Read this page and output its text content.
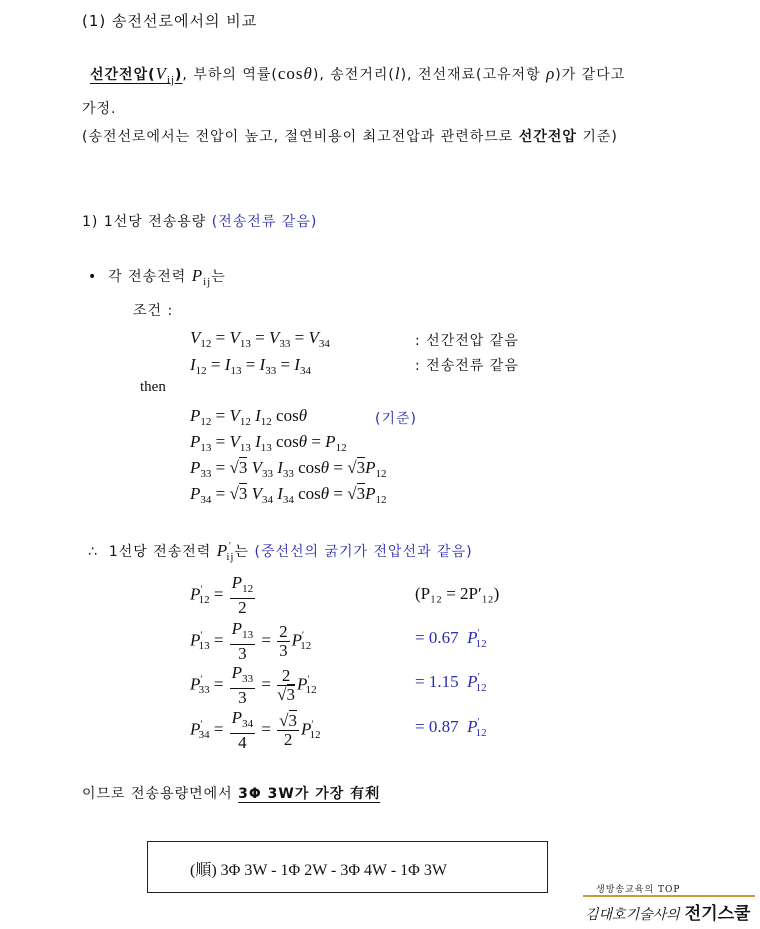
(1) 송전선로에서의 비교
선간전압$(V_{ij})$, 부하의 역률(cosθ), 송전거리(l), 전선재료(고유저항 ρ)가 같다고
가정.
(송전선로에서는 전압이 높고, 절연비용이 최고전압과 관련하므로 선간전압 기준)
1) 1선당 전송용량 (전송전류 같음)
• 각 전송전력 $P_{ij}$는
조건 :
$V_{12} = V_{13} = V_{33} = V_{34}$	: 선간전압 같음
$I_{12} = I_{13} = I_{33} = I_{34}$	: 전송전류 같음
then
$P_{12} = V_{12}$ $I_{12}$ cosθ	(기준)
$P_{13} = V_{13}$ $I_{13}$ $\cos\theta = P_{12}$
$P_{33} = √3$ $V_{33}$ $I_{33}$ $\cos\theta = √3P_{12}$
$P_{34} = √3$ $V_{34}$ $I_{34}$ $\cos\theta = √3P_{12}$
∴ 1선당 전송전력 $P'_{ij}$는 (중선선의 굵기가 전압선과 같음)
$P'_{12} = \frac{P_{12}}{2}$	(P₁₂ = 2P′₁₂)
$P'_{13} = \frac{P_{13}}{3} = \frac{2}{3} P'_{12}$	= 0.67 $P'_{12}$
$P'_{33} = \frac{P_{33}}{3} = \frac{2}{√3} P'_{12}$	= 1.15 $P'_{12}$
$P'_{34} = \frac{P_{34}}{4} = \frac{√3}{2} P'_{12}$	= 0.87 $P'_{12}$
이므로 전송용량면에서 3Φ 3W가 가장 有利
(順) 3Φ 3W - 1Φ 2W - 3Φ 4W - 1Φ 3W
생방송교육의 TOP
김대호기술사의 전기스쿨
